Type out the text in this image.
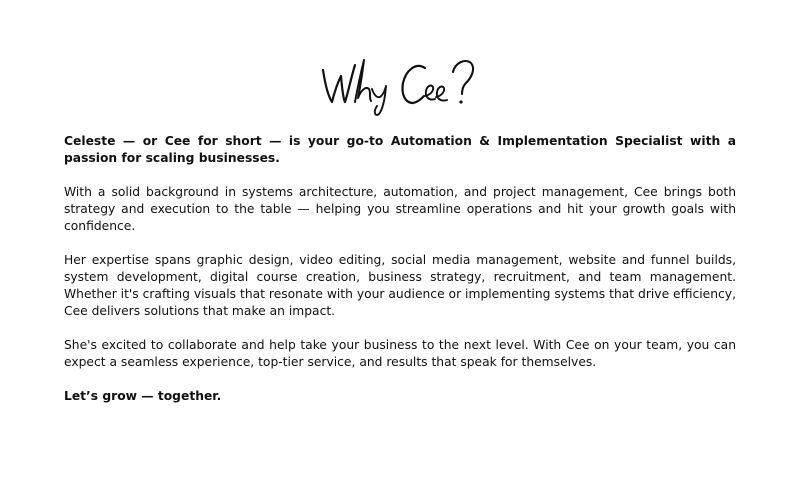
Celeste — or Cee for short — is your go-to Automation & Implementation Specialist with a passion for scaling businesses.

With a solid background in systems architecture, automation, and project management, Cee brings both strategy and execution to the table — helping you streamline operations and hit your growth goals with confidence.

Her expertise spans graphic design, video editing, social media management, website and funnel builds, system development, digital course creation, business strategy, recruitment, and team management. Whether it's crafting visuals that resonate with your audience or implementing systems that drive efficiency, Cee delivers solutions that make an impact.

She's excited to collaborate and help take your business to the next level. With Cee on your team, you can expect a seamless experience, top-tier service, and results that speak for themselves.

Let’s grow — together.
